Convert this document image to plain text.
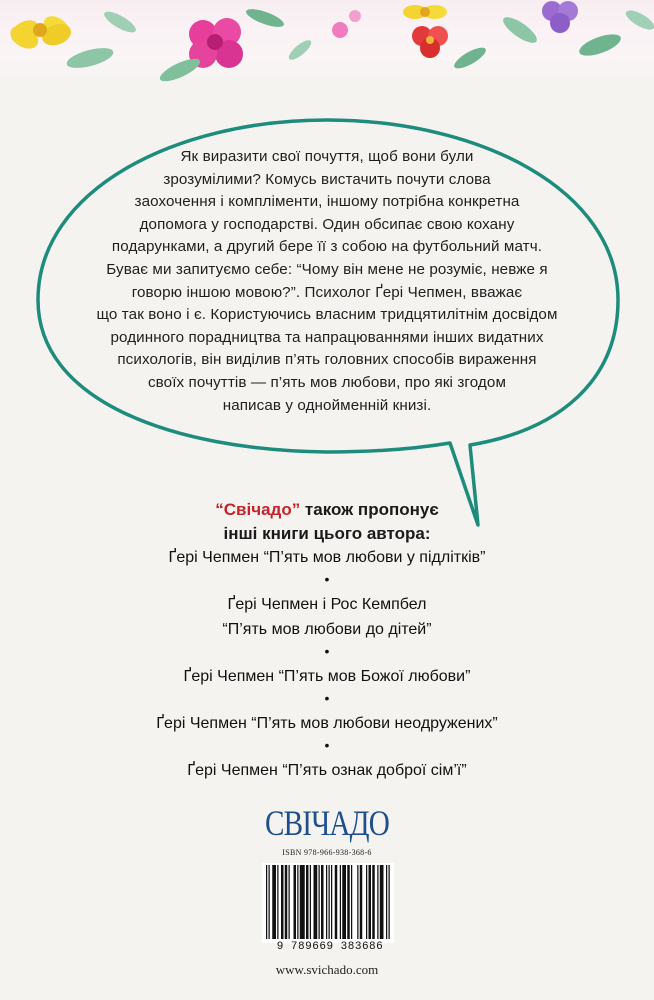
Як виразити свої почуття, щоб вони були
зрозумілими? Комусь вистачить почути слова
заохочення і компліменти, іншому потрібна конкретна
допомога у господарстві. Один обсипає свою кохану
подарунками, а другий бере її з собою на футбольний матч.
Буває ми запитуємо себе: “Чому він мене не розуміє, невже я
говорю іншою мовою?”. Психолог Ґері Чепмен, вважає
що так воно і є. Користуючись власним тридцятилітнім досвідом
родинного порадництва та напрацюваннями інших видатних
психологів, він виділив п’ять головних способів вираження
своїх почуттів — п’ять мов любови, про які згодом
написав у однойменній книзі.
“Свічадо” також пропонує
інші книги цього автора:
Ґері Чепмен “П’ять мов любови у підлітків”
•
Ґері Чепмен і Рос Кемпбел
“П’ять мов любови до дітей”
•
Ґері Чепмен “П’ять мов Божої любови”
•
Ґері Чепмен “П’ять мов любови неодружених”
•
Ґері Чепмен “П’ять ознак доброї сім’ї”
СВІЧАДО
ISBN 978-966-938-368-6
9 789669 383686
www.svichado.com
